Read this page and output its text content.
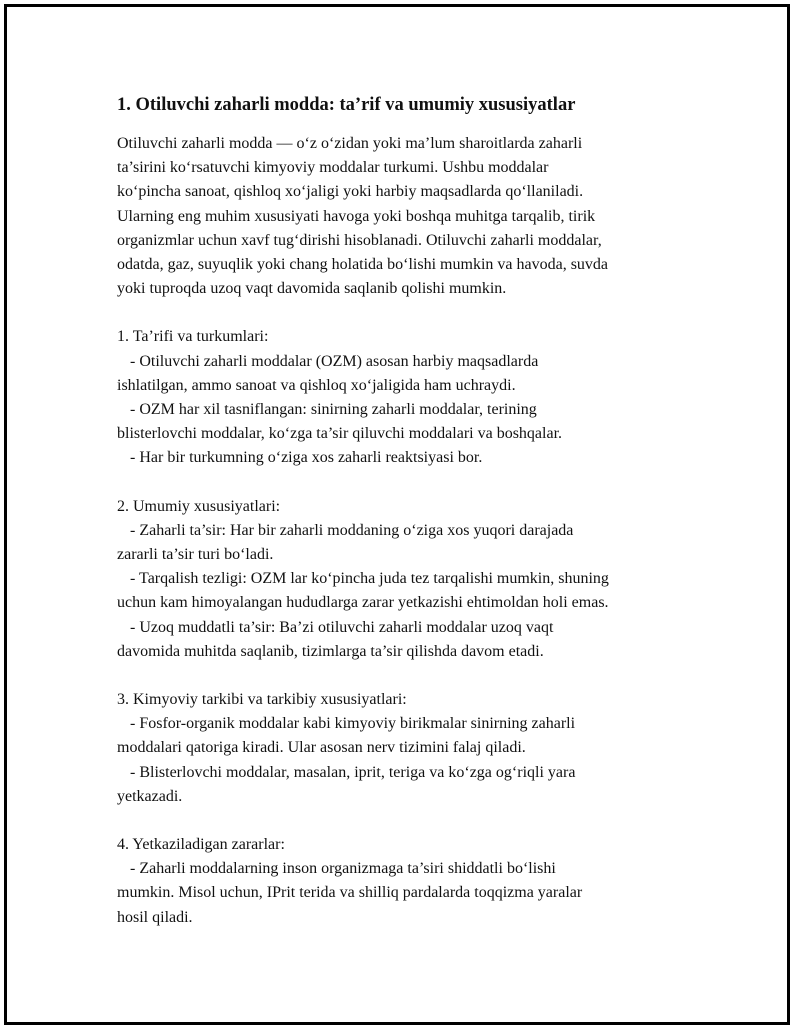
1. Otiluvchi zaharli modda: ta’rif va umumiy xususiyatlar

Otiluvchi zaharli modda — o‘z o‘zidan yoki ma’lum sharoitlarda zaharli

ta’sirini ko‘rsatuvchi kimyoviy moddalar turkumi. Ushbu moddalar

ko‘pincha sanoat, qishloq xo‘jaligi yoki harbiy maqsadlarda qo‘llaniladi.

Ularning eng muhim xususiyati havoga yoki boshqa muhitga tarqalib, tirik

organizmlar uchun xavf tug‘dirishi hisoblanadi. Otiluvchi zaharli moddalar,

odatda, gaz, suyuqlik yoki chang holatida bo‘lishi mumkin va havoda, suvda

yoki tuproqda uzoq vaqt davomida saqlanib qolishi mumkin.

1. Ta’rifi va turkumlari:

- Otiluvchi zaharli moddalar (OZM) asosan harbiy maqsadlarda

ishlatilgan, ammo sanoat va qishloq xo‘jaligida ham uchraydi.

- OZM har xil tasniflangan: sinirning zaharli moddalar, terining

blisterlovchi moddalar, ko‘zga ta’sir qiluvchi moddalari va boshqalar.

- Har bir turkumning o‘ziga xos zaharli reaktsiyasi bor.

2. Umumiy xususiyatlari:

- Zaharli ta’sir: Har bir zaharli moddaning o‘ziga xos yuqori darajada

zararli ta’sir turi bo‘ladi.

- Tarqalish tezligi: OZM lar ko‘pincha juda tez tarqalishi mumkin, shuning

uchun kam himoyalangan hududlarga zarar yetkazishi ehtimoldan holi emas.

- Uzoq muddatli ta’sir: Ba’zi otiluvchi zaharli moddalar uzoq vaqt

davomida muhitda saqlanib, tizimlarga ta’sir qilishda davom etadi.

3. Kimyoviy tarkibi va tarkibiy xususiyatlari:

- Fosfor-organik moddalar kabi kimyoviy birikmalar sinirning zaharli

moddalari qatoriga kiradi. Ular asosan nerv tizimini falaj qiladi.

- Blisterlovchi moddalar, masalan, iprit, teriga va ko‘zga og‘riqli yara

yetkazadi.

4. Yetkaziladigan zararlar:

- Zaharli moddalarning inson organizmaga ta’siri shiddatli bo‘lishi

mumkin. Misol uchun, IPrit terida va shilliq pardalarda toqqizma yaralar

hosil qiladi.
